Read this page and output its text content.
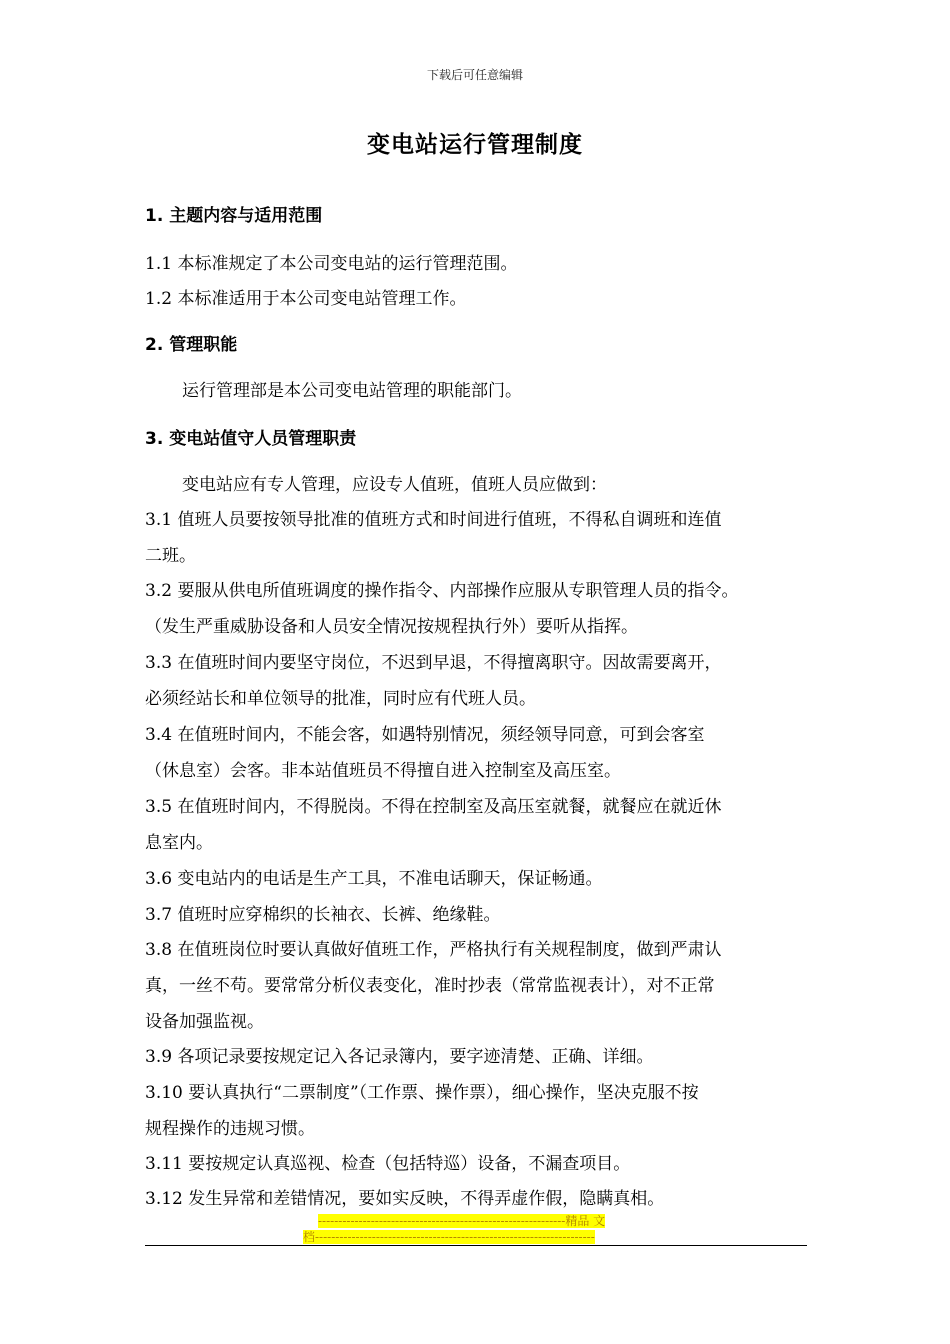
下载后可任意编辑
变电站运行管理制度
1. 主题内容与适用范围
1.1 本标准规定了本公司变电站的运行管理范围。
1.2 本标准适用于本公司变电站管理工作。
2. 管理职能
运行管理部是本公司变电站管理的职能部门。
3. 变电站值守人员管理职责
变电站应有专人管理，应设专人值班，值班人员应做到：
3.1 值班人员要按领导批准的值班方式和时间进行值班，不得私自调班和连值
二班。
3.2 要服从供电所值班调度的操作指令、内部操作应服从专职管理人员的指令。
（发生严重威胁设备和人员安全情况按规程执行外）要听从指挥。
3.3 在值班时间内要坚守岗位，不迟到早退，不得擅离职守。因故需要离开，
必须经站长和单位领导的批准，同时应有代班人员。
3.4 在值班时间内，不能会客，如遇特别情况，须经领导同意，可到会客室
（休息室）会客。非本站值班员不得擅自进入控制室及高压室。
3.5 在值班时间内，不得脱岗。不得在控制室及高压室就餐，就餐应在就近休
息室内。
3.6 变电站内的电话是生产工具，不准电话聊天，保证畅通。
3.7 值班时应穿棉织的长袖衣、长裤、绝缘鞋。
3.8 在值班岗位时要认真做好值班工作，严格执行有关规程制度，做到严肃认
真，一丝不苟。要常常分析仪表变化，准时抄表（常常监视表计），对不正常
设备加强监视。
3.9 各项记录要按规定记入各记录簿内，要字迹清楚、正确、详细。
3.10 要认真执行“二票制度”（工作票、操作票），细心操作，坚决克服不按
规程操作的违规习惯。
3.11 要按规定认真巡视、检查（包括特巡）设备，不漏查项目。
3.12 发生异常和差错情况，要如实反映，不得弄虚作假，隐瞒真相。
-------------------------------------------------------------精品 文
档---------------------------------------------------------------------
